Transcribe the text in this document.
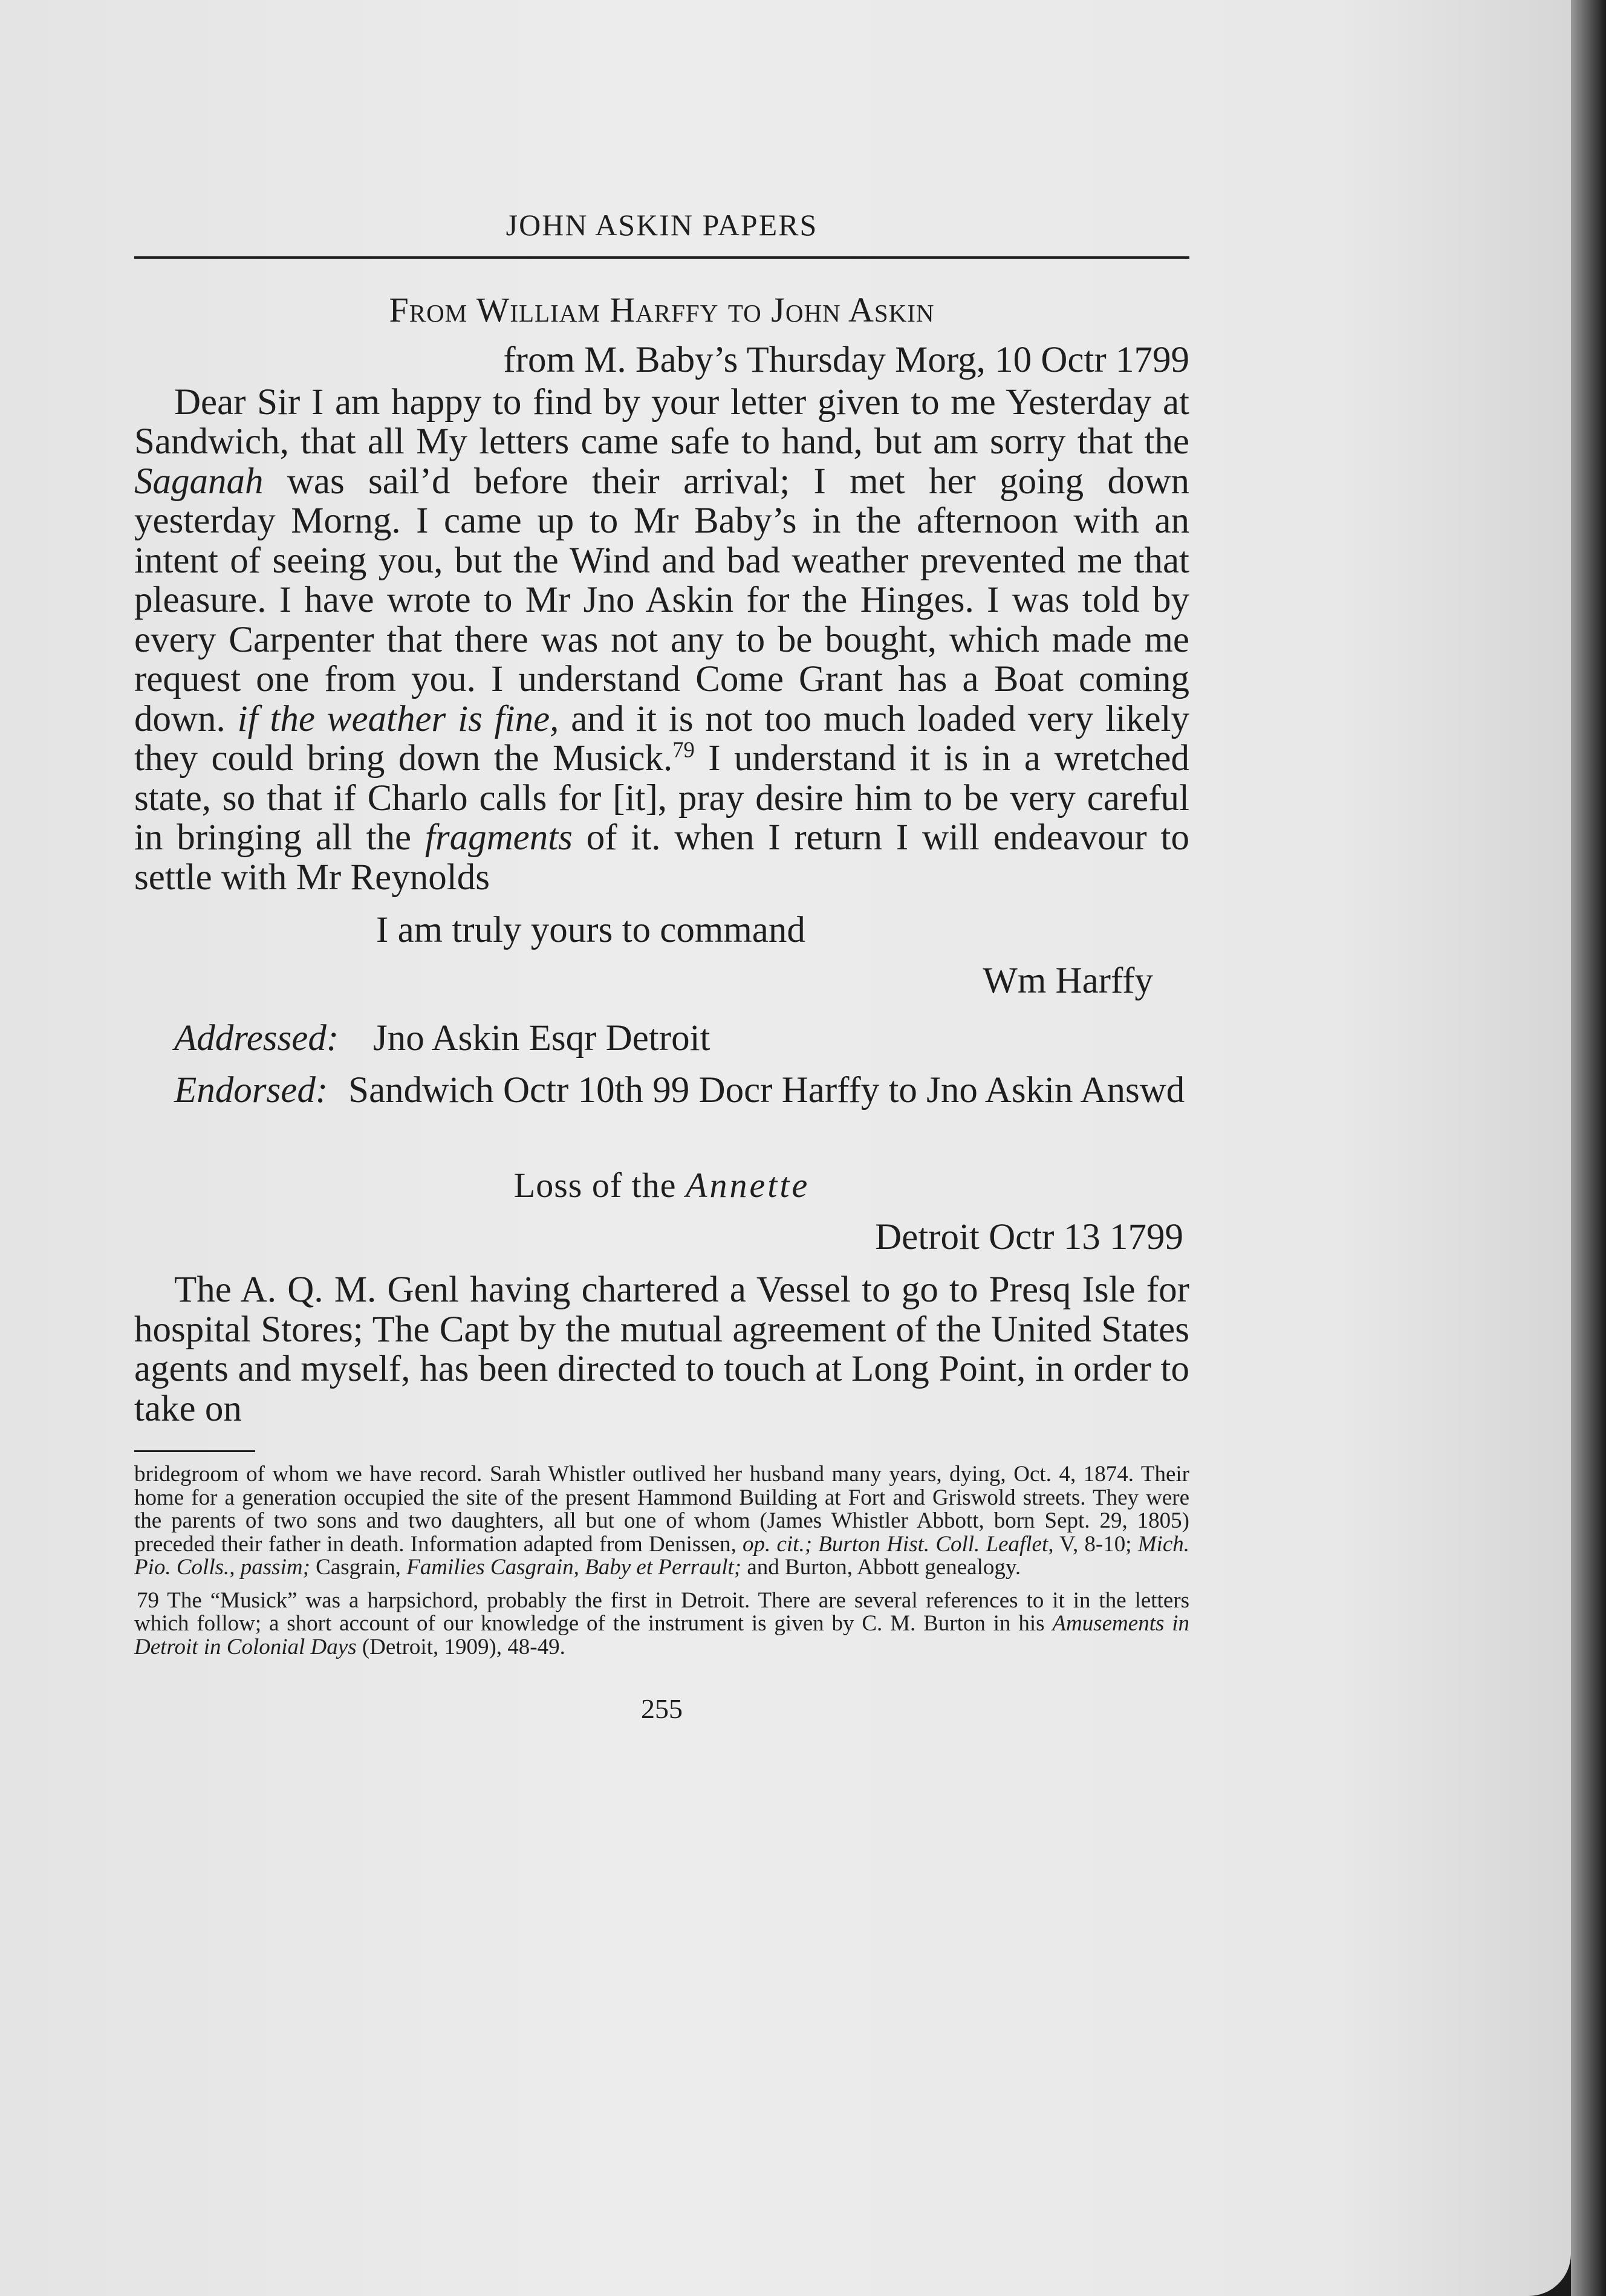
JOHN ASKIN PAPERS
From William Harffy to John Askin
from M. Baby’s Thursday Morg, 10 Octr 1799

Dear Sir I am happy to find by your letter given to me Yesterday at Sandwich, that all My letters came safe to hand, but am sorry that the Saganah was sail’d before their arrival; I met her going down yesterday Morng. I came up to Mr Baby’s in the afternoon with an intent of seeing you, but the Wind and bad weather prevented me that pleasure. I have wrote to Mr Jno Askin for the Hinges. I was told by every Carpenter that there was not any to be bought, which made me request one from you. I understand Come Grant has a Boat coming down. if the weather is fine, and it is not too much loaded very likely they could bring down the Musick.$^{79}$ I understand it is in a wretched state, so that if Charlo calls for [it], pray desire him to be very careful in bringing all the fragments of it. when I return I will endeavour to settle with Mr Reynolds

I am truly yours to command
Wm Harffy
Addressed: Jno Askin Esqr Detroit
Endorsed: Sandwich Octr 10th 99 Docr Harffy to Jno Askin Answd
Loss of the Annette
Detroit Octr 13 1799

The A. Q. M. Genl having chartered a Vessel to go to Presq Isle for hospital Stores; The Capt by the mutual agreement of the United States agents and myself, has been directed to touch at Long Point, in order to take on

bridegroom of whom we have record. Sarah Whistler outlived her husband many years, dying, Oct. 4, 1874. Their home for a generation occupied the site of the present Hammond Building at Fort and Griswold streets. They were the parents of two sons and two daughters, all but one of whom (James Whistler Abbott, born Sept. 29, 1805) preceded their father in death. Information adapted from Denissen, op. cit.; Burton Hist. Coll. Leaflet, V, 8-10; Mich. Pio. Colls., passim; Casgrain, Families Casgrain, Baby et Perrault; and Burton, Abbott genealogy.

79 The “Musick” was a harpsichord, probably the first in Detroit. There are several references to it in the letters which follow; a short account of our knowledge of the instrument is given by C. M. Burton in his Amusements in Detroit in Colonial Days (Detroit, 1909), 48-49.

255
